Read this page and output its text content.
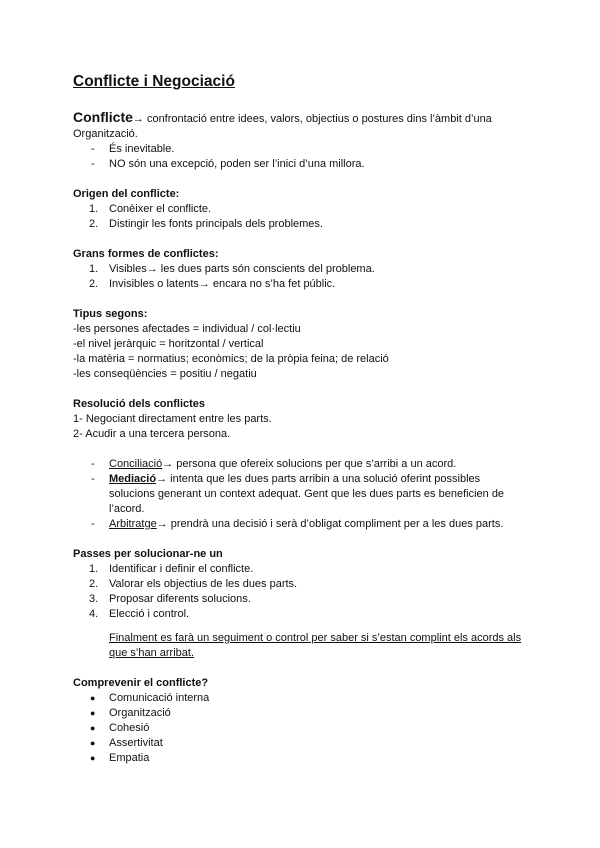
Conflicte i Negociació

Conflicte→ confrontació entre idees, valors, objectius o postures dins l’àmbit d’una Organització.

-	És inevitable.
-	NO són una excepció, poden ser l’inici d’una millora.

Origen del conflicte:

1. Conèixer el conflicte.
2. Distingir les fonts principals dels problemes.

Grans formes de conflictes:

1. Visibles→ les dues parts són conscients del problema.
2. Invisibles o latents→ encara no s’ha fet públic.

Tipus segons:

-les persones afectades = individual / col·lectiu

-el nivel jeràrquic = horitzontal / vertical

-la matèria = normatius; econòmics; de la pròpia feina; de relació

-les conseqüències = positiu / negatiu

Resolució dels conflictes

1- Negociant directament entre les parts.

2- Acudir a una tercera persona.

-	Conciliació→ persona que ofereix solucions per que s’arribi a un acord.
-	Mediació→ intenta que les dues parts arribin a una solució oferint possibles solucions generant un context adequat. Gent que les dues parts es beneficien de l’acord.
-	Arbitratge→ prendrà una decisió i serà d’obligat compliment per a les dues parts.

Passes per solucionar-ne un

1. Identificar i definir el conflicte.
2. Valorar els objectius de les dues parts.
3. Proposar diferents solucions.
4. Elecció i control.
Finalment es farà un seguiment o control per saber si s’estan complint els acords als que s’han arribat.

Comprevenir el conflicte?

●	Comunicació interna
●	Organització
●	Cohesió
●	Assertivitat
●	Empatia
